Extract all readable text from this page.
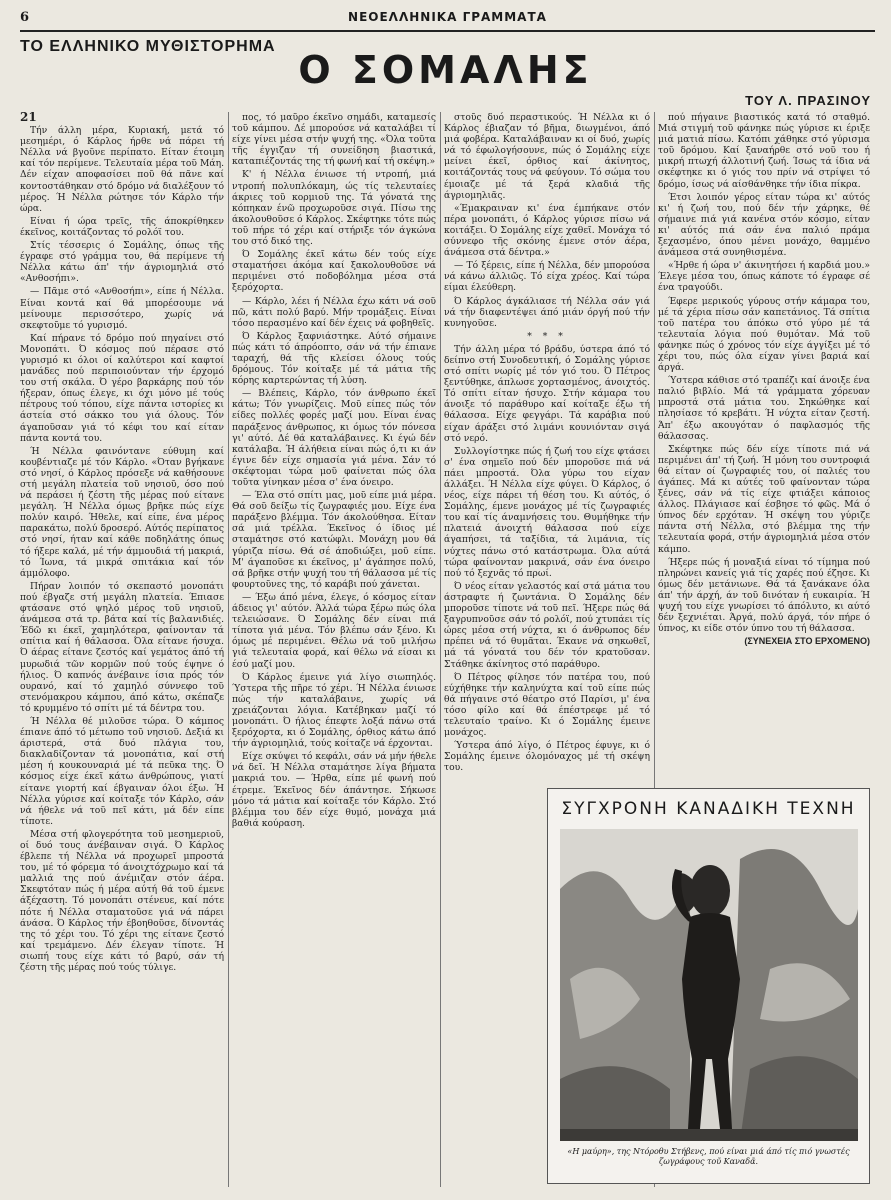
6	ΝΕΟΕΛΛΗΝΙΚΑ ΓΡΑΜΜΑΤΑ
ΤΟ ΕΛΛΗΝΙΚΟ ΜΥΘΙΣΤΟΡΗΜΑ
Ο ΣΟΜΑΛΗΣ
ΤΟΥ Λ. ΠΡΑΣΙΝΟΥ

21

Τήν άλλη μέρα, Κυριακή, μετά τό μεσημέρι, ό Κάρλος ήρθε νά πάρει τή Νέλλα νά βγοῦνε περίπατο. Είταν έτοιμη καί τόν περίμενε. Τελευταία μέρα τοῦ Μάη. Δέν είχαν αποφασίσει ποῦ θά πᾶνε καί κοντοστάθηκαν στό δρόμο νά διαλέξουν τό μέρος. Ή Νέλλα ρώτησε τόν Κάρλο τήν ώρα.

Είναι ή ώρα τρεῖς, τῆς άποκρίθηκεν έκεῖνος, κοιτάζοντας τό ρολόϊ του.

Στίς τέσσερις ό Σομάλης, όπως τῆς έγραφε στό γράμμα του, θά περίμενε τή Νέλλα κάτω άπ' τήν άγριομηλιά στό «Ανθοσήπι».

— Πᾶμε στό «Ανθοσήπι», είπε ή Νέλλα. Είναι κοντά καί θά μπορέσουμε νά μείνουμε περισσότερο, χωρίς νά σκεφτοῦμε τό γυρισμό.

Καί πήρανε τό δρόμο πού πηγαίνει στό Μονοπάτι. Ό κόσμος πού πέρασε στό γυρισμό κι όλοι οί καλύτεροι καί καφτοί μανάδες πού περιποιούνταν τήν έρχομό του στή σκάλα. Ό γέρο βαρκάρης πού τόν ήξεραν, όπως έλεγε, κι όχι μόνο μέ τούς πέτρους τού τόπου, είχε πάντα ιστορίες κι άστεία στό σάκκο του γιά όλους. Τόν άγαποῦσαν γιά τό κέφι του καί είταν πάντα κοντά του.

Ή Νέλλα φαινόντανε εύθυμη καί κουβέντιαζε μέ τόν Κάρλο. «Όταν βγήκανε στό νησί, ό Κάρλος πρόσεξε νά καθήσουνε στή μεγάλη πλατεία τοῦ νησιοῦ, όσο πού νά περάσει ή ζέστη τῆς μέρας πού είτανε μεγάλη. Ή Νέλλα όμως βρῆκε πώς είχε πολύν καιρό. Ήθελε, καί είπε, ένα μέρος παρακάτω, πολύ δροσερό. Αύτός περίπατος στό νησί, ήταν καί κάθε ποδηλάτης όπως τό ήξερε καλά, μέ τήν άμμουδιά τή μακριά, τό Ίωνα, τά μικρά σπιτάκια καί τόν άμμόλοφο.

Πήραν λοιπόν τό σκεπαστό μονοπάτι πού έβγαζε στή μεγάλη πλατεία. Έπιασε φτάσανε στό ψηλό μέρος τοῦ νησιοῦ, άνάμεσα στά τρ. βάτα καί τίς βαλανιδιές. Έδῶ κι έκεῖ, χαμηλότερα, φαίνονταν τά σπίτια καί ή θάλασσα. Όλα είτανε ήσυχα. Ό άέρας είτανε ζεστός καί γεμάτος άπό τή μυρωδιά τῶν κορμῶν πού τούς έψηνε ό ήλιος. Ό καπνός άνέβαινε ίσια πρός τόν ουρανό, καί τό χαμηλό σύννεφο τοῦ στενόμακρου κάμπου, άπό κάτω, σκέπαζε τό κρυμμένο τό σπίτι μέ τά δέντρα του.

Ή Νέλλα θέ μιλοῦσε τώρα. Ό κάμπος έπιανε άπό τό μέτωπο τοῦ νησιοῦ. Δεξιά κι άριστερά, στά δυό πλάγια του, διακλαδίζονταν τά μονοπάτια, καί στή μέση ή κουκουναριά μέ τά πεῦκα της. Ό κόσμος είχε έκεῖ κάτω άνθρώπους, γιατί είτανε γιορτή καί έβγαιναν όλοι έξω. Ή Νέλλα γύρισε καί κοίταξε τόν Κάρλο, σάν νά ήθελε νά τοῦ πεῖ κάτι, μά δέν είπε τίποτε.

Μέσα στή φλογερότητα τοῦ μεσημεριοῦ, οί δυό τους άνέβαιναν σιγά. Ό Κάρλος έβλεπε τή Νέλλα νά προχωρεῖ μπροστά του, μέ τό φόρεμα τό άνοιχτόχρωμο καί τά μαλλιά της πού άνέμιζαν στόν άέρα. Σκεφτόταν πώς ή μέρα αύτή θά τοῦ έμενε άξέχαστη. Τό μονοπάτι στένευε, καί πότε πότε ή Νέλλα σταματοῦσε γιά νά πάρει άνάσα. Ό Κάρλος τήν έβοηθοῦσε, δίνοντάς της τό χέρι του. Τό χέρι της είτανε ζεστό καί τρεμάμενο. Δέν έλεγαν τίποτε. Ή σιωπή τους είχε κάτι τό βαρύ, σάν τή ζέστη τῆς μέρας πού τούς τύλιγε.

πος, τό μαῦρο έκεῖνο σημάδι, καταμεσίς τοῦ κάμπου. Δέ μπορούσε νά καταλάβει τί είχε γίνει μέσα στήν ψυχή της. «Όλα τοῦτα τῆς έγγιζαν τή συνείδηση βιαστικά, καταπιέζοντάς της τή φωνή καί τή σκέψη.»

Κ' ή Νέλλα ένιωσε τή ντροπή, μιά ντροπή πολυπλόκαμη, ώς τίς τελευταίες άκριες τοῦ κορμιοῦ της. Τά γόνατά της κόπηκαν ένῶ προχωροῦσε σιγά. Πίσω της άκολουθοῦσε ό Κάρλος. Σκέφτηκε τότε πώς τοῦ πήρε τό χέρι καί στήριξε τόν άγκώνα του στό δικό της.

Ό Σομάλης έκεῖ κάτω δέν τούς είχε σταματήσει άκόμα καί ξακολουθοῦσε νά περιμένει στό ποδοβόλημα μέσα στά ξερόχορτα.

— Κάρλο, λέει ή Νέλλα έχω κάτι νά σοῦ πῶ, κάτι πολύ βαρύ. Μήν τρομάξεις. Είναι τόσο περασμένο καί δέν έχεις νά φοβηθεῖς.

Ό Κάρλος ξαφνιάστηκε. Αύτό σήμαινε πώς κάτι τό άπρόοπτο, σάν νά τήν έπιανε ταραχή, θά τῆς κλείσει όλους τούς δρόμους. Τόν κοίταξε μέ τά μάτια τῆς κόρης καρτερώντας τή λύση.

— Βλέπεις, Κάρλο, τόν άνθρωπο έκεῖ κάτω; Τόν γνωρίζεις. Μοῦ είπες πώς τόν είδες πολλές φορές μαζί μου. Είναι ένας παράξενος άνθρωπος, κι όμως τόν πόνεσα γι' αύτό. Δέ θά καταλάβαινες. Κι έγώ δέν κατάλαβα. Ή άλήθεια είναι πώς ό,τι κι άν έγινε δέν είχε σημασία γιά μένα. Σάν τό σκέφτομαι τώρα μοῦ φαίνεται πώς όλα τοῦτα γίνηκαν μέσα σ' ένα όνειρο.

— Έλα στό σπίτι μας, μοῦ είπε μιά μέρα. Θά σοῦ δείξω τίς ζωγραφιές μου. Είχε ένα παράξενο βλέμμα. Τόν άκολούθησα. Είταν σά μιά τρέλλα. Έκεῖνος ό ίδιος μέ σταμάτησε στό κατώφλι. Μονάχη μου θά γύριζα πίσω. Θά σέ άποδιώξει, μοῦ είπε. Μ' άγαποῦσε κι έκεῖνος, μ' άγάπησε πολύ, σά βρῆκε στήν ψυχή του τή θάλασσα μέ τίς φουρτοῦνες της, τό καράβι πού χάνεται.

— Έξω άπό μένα, έλεγε, ό κόσμος είταν άδειος γι' αύτόν. Άλλά τώρα ξέρω πώς όλα τελειώσανε. Ό Σομάλης δέν είναι πιά τίποτα γιά μένα. Τόν βλέπω σάν ξένο. Κι όμως μέ περιμένει. Θέλω νά τοῦ μιλήσω γιά τελευταία φορά, καί θέλω νά είσαι κι έσύ μαζί μου.

Ό Κάρλος έμεινε γιά λίγο σιωπηλός. Ύστερα τῆς πῆρε τό χέρι. Ή Νέλλα ένιωσε πώς τήν καταλάβαινε, χωρίς νά χρειάζονται λόγια. Κατέβηκαν μαζί τό μονοπάτι. Ό ήλιος έπεφτε λοξά πάνω στά ξερόχορτα, κι ό Σομάλης, όρθιος κάτω άπό τήν άγριομηλιά, τούς κοίταζε νά έρχονται.

Είχε σκύψει τό κεφάλι, σάν νά μήν ήθελε νά δεῖ. Ή Νέλλα σταμάτησε λίγα βήματα μακριά του. — Ήρθα, είπε μέ φωνή πού έτρεμε. Έκεῖνος δέν άπάντησε. Σήκωσε μόνο τά μάτια καί κοίταξε τόν Κάρλο. Στό βλέμμα του δέν είχε θυμό, μονάχα μιά βαθιά κούραση.

στοῦς δυό περαστικούς. Ή Νέλλα κι ό Κάρλος έβιαζαν τό βῆμα, διωγμένοι, άπό μιά φοβέρα. Καταλάβαιναν κι οί δυό, χωρίς νά τό έφωλογήσουνε, πώς ό Σομάλης είχε μείνει έκεῖ, όρθιος καί άκίνητος, κοιτάζοντάς τους νά φεύγουν. Τό σώμα του έμοιαζε μέ τά ξερά κλαδιά τῆς άγριομηλιᾶς.

«Έμακραιναν κι' ένα έμπήκανε στόν πέρα μονοπάτι, ό Κάρλος γύρισε πίσω νά κοιτάξει. Ό Σομάλης είχε χαθεῖ. Μονάχα τό σύννεφο τῆς σκόνης έμενε στόν άέρα, άνάμεσα στά δέντρα.»

— Τό ξέρεις, είπε ή Νέλλα, δέν μπορούσα νά κάνω άλλιῶς. Τό είχα χρέος. Καί τώρα είμαι έλεύθερη.

Ό Κάρλος άγκάλιασε τή Νέλλα σάν γιά νά τήν διαφεντέψει άπό μιάν όργή πού τήν κυνηγοῦσε.

* * *

Τήν άλλη μέρα τό βράδυ, ύστερα άπό τό δείπνο στή Συνοδευτική, ό Σομάλης γύρισε στό σπίτι νωρίς μέ τόν γιό του. Ό Πέτρος ξεντύθηκε, άπλωσε χορτασμένος, άνοιχτός. Τό σπίτι είταν ήσυχο. Στήν κάμαρα του άνοιξε τό παράθυρο καί κοίταξε έξω τή θάλασσα. Είχε φεγγάρι. Τά καράβια πού είχαν άράξει στό λιμάνι κουνιόνταν σιγά στό νερό.

Συλλογίστηκε πώς ή ζωή του είχε φτάσει σ' ένα σημεῖο πού δέν μποροῦσε πιά νά πάει μπροστά. Όλα γύρω του είχαν άλλάξει. Ή Νέλλα είχε φύγει. Ό Κάρλος, ό νέος, είχε πάρει τή θέση του. Κι αύτός, ό Σομάλης, έμενε μονάχος μέ τίς ζωγραφιές του καί τίς άναμνήσεις του. Θυμήθηκε τήν πλατειά άνοιχτή θάλασσα πού είχε άγαπήσει, τά ταξίδια, τά λιμάνια, τίς νύχτες πάνω στό κατάστρωμα. Όλα αύτά τώρα φαίνονταν μακρινά, σάν ένα όνειρο πού τό ξεχνᾶς τό πρωί.

Ό νέος είταν γελαστός καί στά μάτια του άστραφτε ή ζωντάνια. Ό Σομάλης δέν μποροῦσε τίποτε νά τοῦ πεῖ. Ήξερε πώς θά ξαγρυπνοῦσε σάν τό ρολόϊ, πού χτυπάει τίς ώρες μέσα στή νύχτα, κι ό άνθρωπος δέν πρέπει νά τό θυμᾶται. Έκανε νά σηκωθεῖ, μά τά γόνατά του δέν τόν κρατοῦσαν. Στάθηκε άκίνητος στό παράθυρο.

Ό Πέτρος φίλησε τόν πατέρα του, πού εύχήθηκε τήν καληνύχτα καί τοῦ είπε πώς θά πήγαινε στό θέατρο στό Παρίσι, μ' ένα τόσο φίλο καί θά έπέστρεφε μέ τό τελευταίο τραίνο. Κι ό Σομάλης έμεινε μονάχος.

Ύστερα άπό λίγο, ό Πέτρος έφυγε, κι ό Σομάλης έμεινε όλομόναχος μέ τή σκέψη του.

πού πήγαινε βιαστικός κατά τό σταθμό. Μιά στιγμή τοῦ φάνηκε πώς γύρισε κι έριξε μιά ματιά πίσω. Κατόπι χάθηκε στό γύρισμα τοῦ δρόμου. Καί ξαναήρθε στό νοῦ του ή μικρή πτωχή άλλοτινή ζωή. Ίσως τά ίδια νά σκέφτηκε κι ό γιός του πρίν νά στρίψει τό δρόμο, ίσως νά αίσθάνθηκε τήν ίδια πίκρα.

Έτσι λοιπόν γέρος είταν τώρα κι' αύτός κι' ή ζωή του, πού δέν τήν χάρηκε, θέ σήμαινε πιά γιά κανένα στόν κόσμο, είταν κι' αύτός πιά σάν ένα παλιό πράμα ξεχασμένο, όπου μένει μονάχο, θαμμένο άνάμεσα στά συνηθισμένα.

«Ήρθε ή ώρα ν' άκινητήσει ή καρδιά μου.» Έλεγε μέσα του, όπως κάποτε τό έγραφε σέ ένα τραγούδι.

Έφερε μερικούς γύρους στήν κάμαρα του, μέ τά χέρια πίσω σάν καπετάνιος. Τά σπίτια τοῦ πατέρα του άπόκω στό γύρο μέ τά τελευταία λόγια πού θυμόταν. Μά τοῦ φάνηκε πώς ό χρόνος τόν είχε άγγίξει μέ τό χέρι του, πώς όλα είχαν γίνει βαριά καί άργά.

Ύστερα κάθισε στό τραπέζι καί άνοιξε ένα παλιό βιβλίο. Μά τά γράμματα χόρευαν μπροστά στά μάτια του. Σηκώθηκε καί πλησίασε τό κρεβάτι. Ή νύχτα είταν ζεστή. Άπ' έξω ακουγόταν ό παφλασμός τῆς θάλασσας.

Σκέφτηκε πώς δέν είχε τίποτε πιά νά περιμένει άπ' τή ζωή. Ή μόνη του συντροφιά θά είταν οί ζωγραφιές του, οί παλιές του άγάπες. Μά κι αύτές τοῦ φαίνονταν τώρα ξένες, σάν νά τίς είχε φτιάξει κάποιος άλλος. Πλάγιασε καί έσβησε τό φῶς. Μά ό ύπνος δέν ερχόταν. Ή σκέψη του γύριζε πάντα στή Νέλλα, στό βλέμμα της τήν τελευταία φορά, στήν άγριομηλιά μέσα στόν κάμπο.

Ήξερε πώς ή μοναξιά είναι τό τίμημα πού πληρώνει κανείς γιά τίς χαρές πού έζησε. Κι όμως δέν μετάνιωνε. Θά τά ξανάκανε όλα άπ' τήν άρχή, άν τοῦ δινόταν ή ευκαιρία. Ή ψυχή του είχε γνωρίσει τό άπόλυτο, κι αύτό δέν ξεχνιέται. Άργά, πολύ άργά, τόν πήρε ό ύπνος, κι είδε στόν ύπνο του τή θάλασσα.

(ΣΥΝΕΧΕΙΑ ΣΤΟ ΕΡΧΟΜΕΝΟ)

ΣΥΓΧΡΟΝΗ ΚΑΝΑΔΙΚΗ ΤΕΧΝΗ
«Η μαύρη», της Ντόροθυ Στήβενς, πού είναι μιά άπό τίς πιό γνωστές ζωγράφους τοῦ Καναδᾶ.
